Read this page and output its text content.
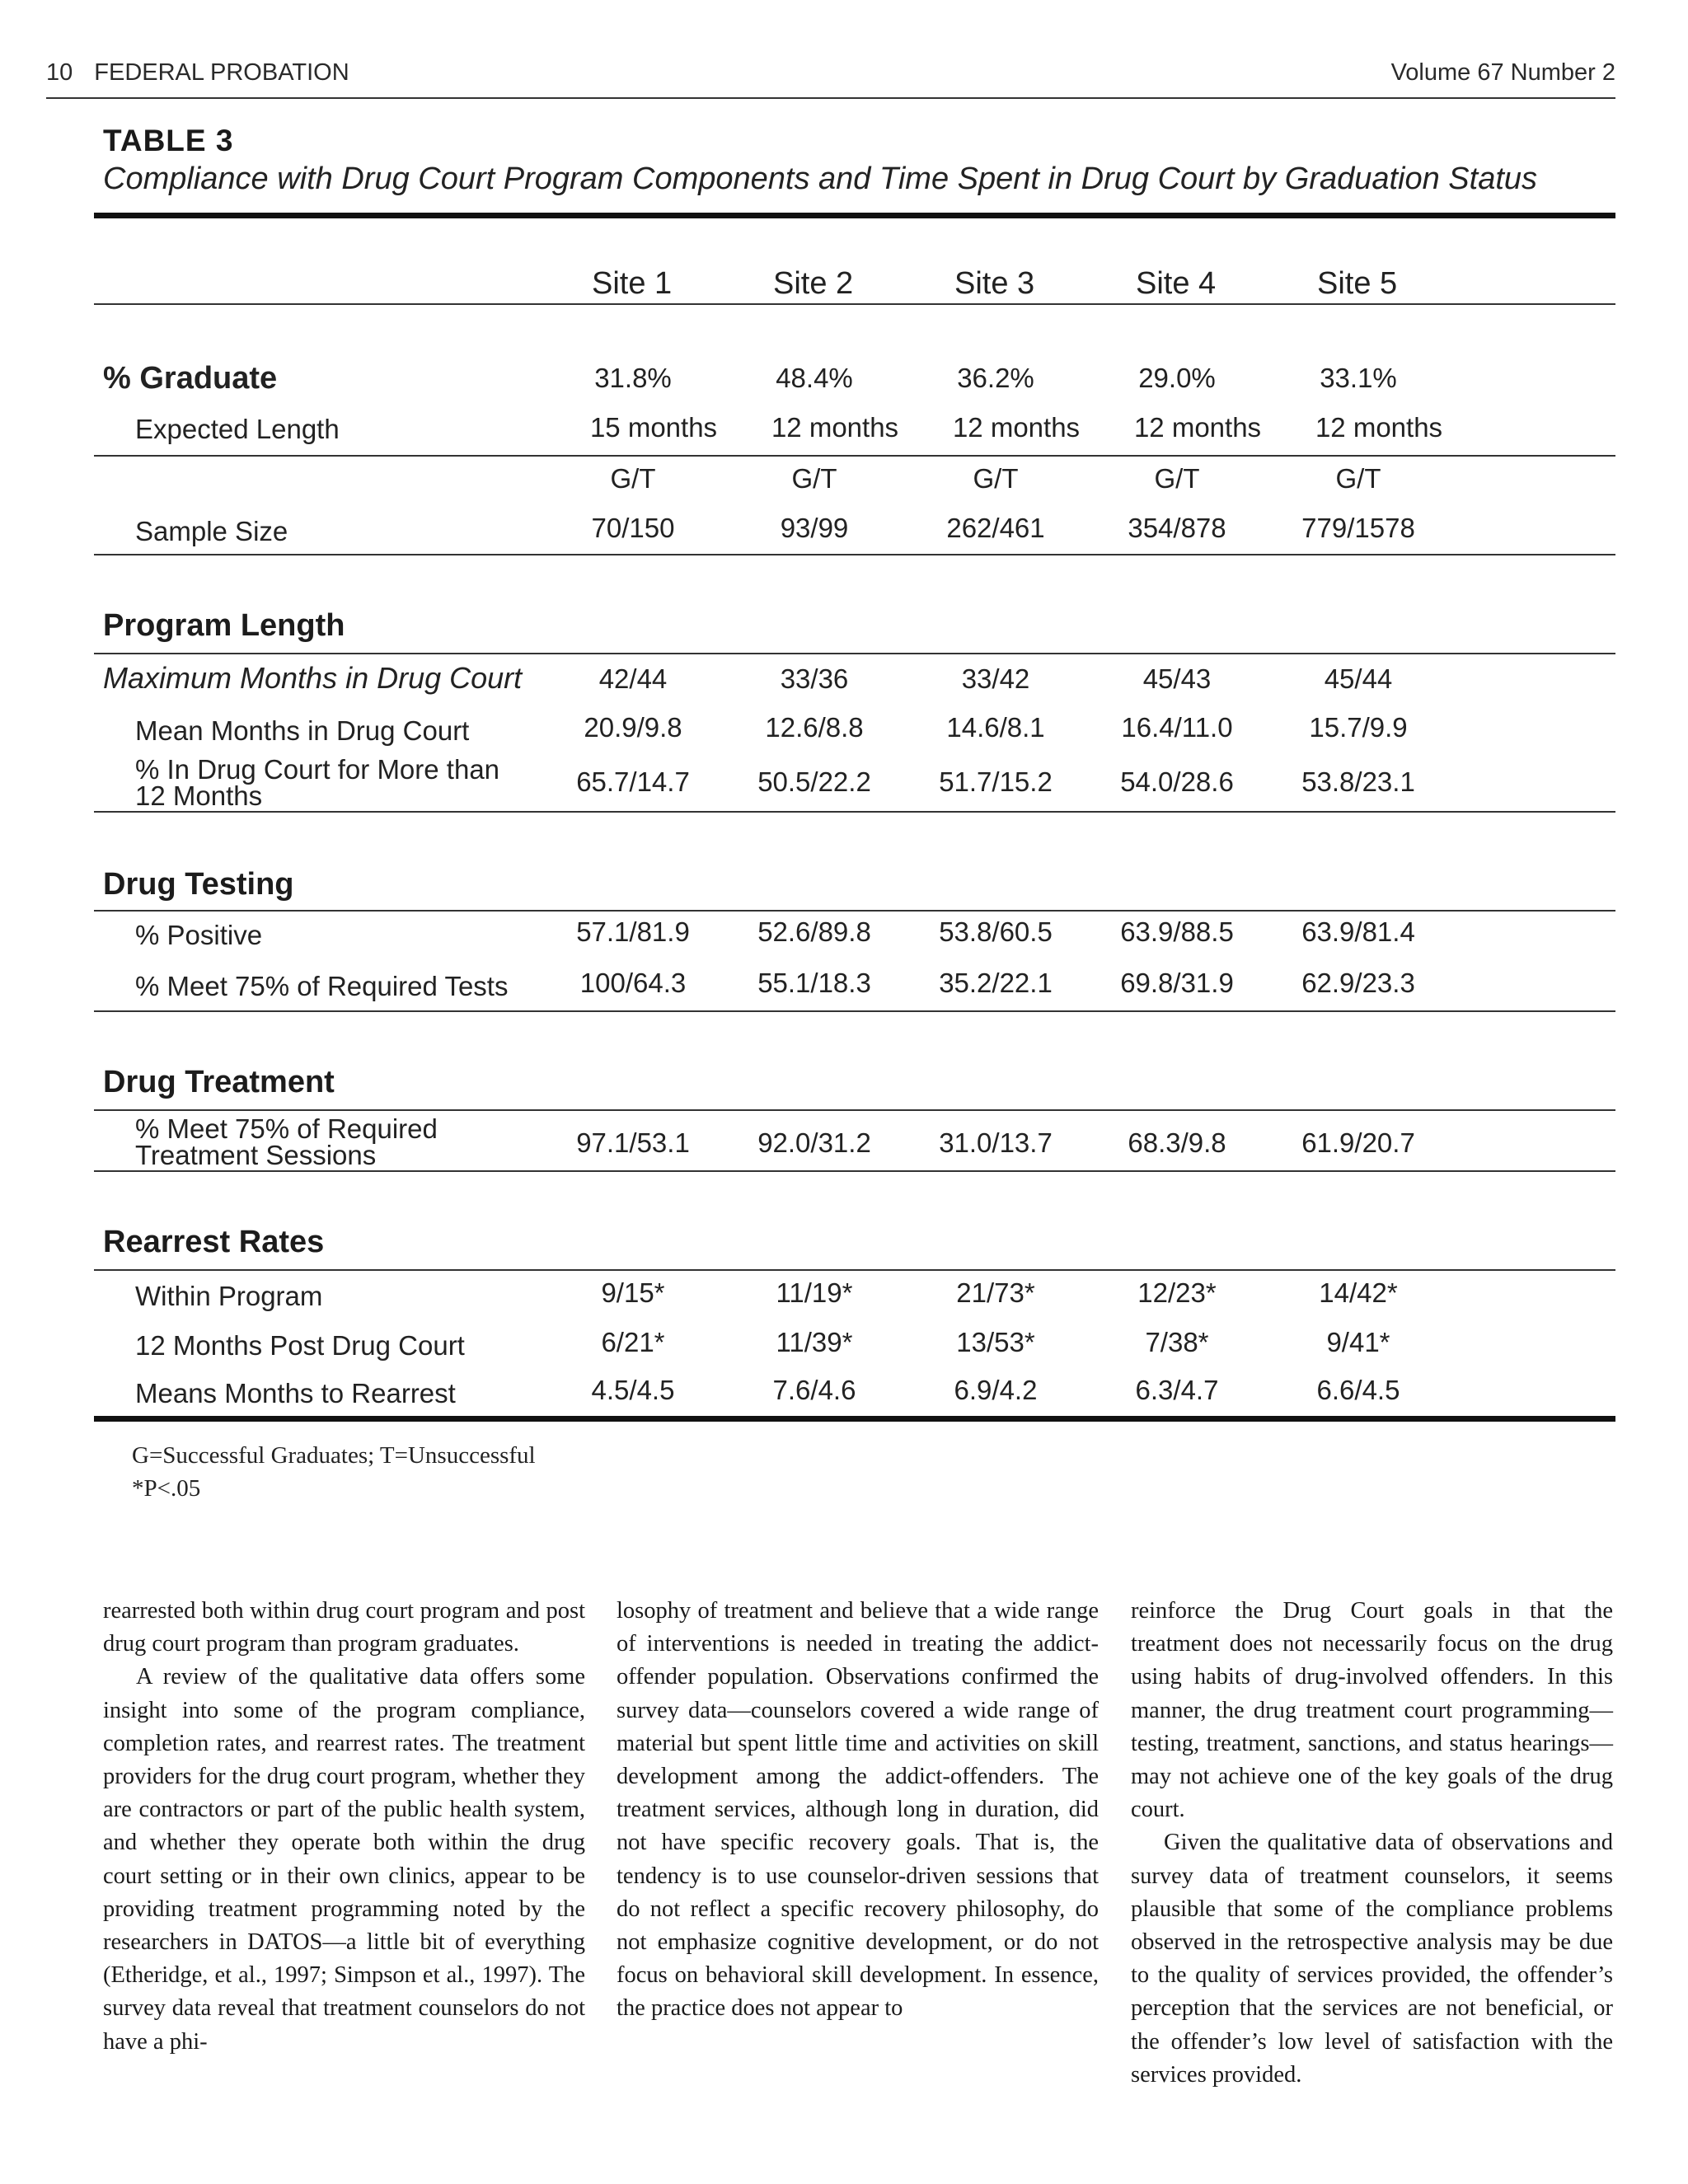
10 FEDERAL PROBATION	Volume 67 Number 2
TABLE 3
Compliance with Drug Court Program Components and Time Spent in Drug Court by Graduation Status
Site 1	Site 2	Site 3	Site 4	Site 5
% Graduate	31.8%	48.4%	36.2%	29.0%	33.1%
Expected Length	15 months	12 months	12 months	12 months	12 months
G/T	G/T	G/T	G/T	G/T
Sample Size	70/150	93/99	262/461	354/878	779/1578
Program Length
Maximum Months in Drug Court	42/44	33/36	33/42	45/43	45/44
Mean Months in Drug Court	20.9/9.8	12.6/8.8	14.6/8.1	16.4/11.0	15.7/9.9
% In Drug Court for More than
12 Months	65.7/14.7	50.5/22.2	51.7/15.2	54.0/28.6	53.8/23.1
Drug Testing
% Positive	57.1/81.9	52.6/89.8	53.8/60.5	63.9/88.5	63.9/81.4
% Meet 75% of Required Tests	100/64.3	55.1/18.3	35.2/22.1	69.8/31.9	62.9/23.3
Drug Treatment
% Meet 75% of Required
Treatment Sessions	97.1/53.1	92.0/31.2	31.0/13.7	68.3/9.8	61.9/20.7
Rearrest Rates
Within Program	9/15*	11/19*	21/73*	12/23*	14/42*
12 Months Post Drug Court	6/21*	11/39*	13/53*	7/38*	9/41*
Means Months to Rearrest	4.5/4.5	7.6/4.6	6.9/4.2	6.3/4.7	6.6/4.5
G=Successful Graduates; T=Unsuccessful
*P<.05

rearrested both within drug court program and post drug court program than program graduates.

A review of the qualitative data offers some insight into some of the program compliance, completion rates, and rearrest rates. The treatment providers for the drug court program, whether they are contractors or part of the public health system, and whether they operate both within the drug court setting or in their own clinics, appear to be providing treatment programming noted by the researchers in DATOS—a little bit of everything (Etheridge, et al., 1997; Simpson et al., 1997). The survey data reveal that treatment counselors do not have a phi-

losophy of treatment and believe that a wide range of interventions is needed in treating the addict-offender population. Observations confirmed the survey data—counselors covered a wide range of material but spent little time and activities on skill development among the addict-offenders. The treatment services, although long in duration, did not have specific recovery goals. That is, the tendency is to use counselor-driven sessions that do not reflect a specific recovery philosophy, do not emphasize cognitive development, or do not focus on behavioral skill development. In essence, the practice does not appear to

reinforce the Drug Court goals in that the treatment does not necessarily focus on the drug using habits of drug-involved offenders. In this manner, the drug treatment court programming—testing, treatment, sanctions, and status hearings—may not achieve one of the key goals of the drug court.

Given the qualitative data of observations and survey data of treatment counselors, it seems plausible that some of the compliance problems observed in the retrospective analysis may be due to the quality of services provided, the offender’s perception that the services are not beneficial, or the offender’s low level of satisfaction with the services provided.
